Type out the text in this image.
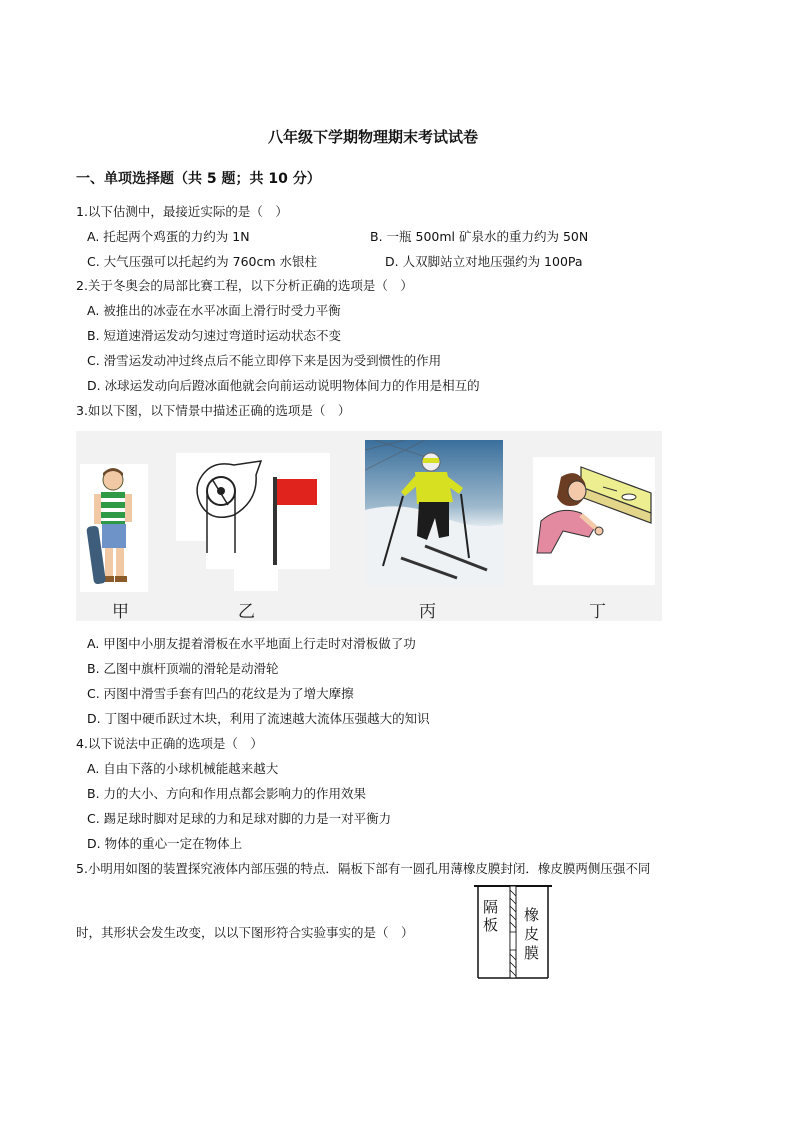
八年级下学期物理期末考试试卷
一、单项选择题（共 5 题；共 10 分）
1.以下估测中，最接近实际的是（　）
A. 托起两个鸡蛋的力约为 1N	B. 一瓶 500ml 矿泉水的重力约为 50N
C. 大气压强可以托起约为 760cm 水银柱	D. 人双脚站立对地压强约为 100Pa
2.关于冬奥会的局部比赛工程，以下分析正确的选项是（　）
A. 被推出的冰壶在水平冰面上滑行时受力平衡
B. 短道速滑运发动匀速过弯道时运动状态不变
C. 滑雪运发动冲过终点后不能立即停下来是因为受到惯性的作用
D. 冰球运发动向后蹬冰面他就会向前运动说明物体间力的作用是相互的
3.如以下图，以下情景中描述正确的选项是（　）
甲	乙	丙	丁
A. 甲图中小朋友提着滑板在水平地面上行走时对滑板做了功
B. 乙图中旗杆顶端的滑轮是动滑轮
C. 丙图中滑雪手套有凹凸的花纹是为了增大摩擦
D. 丁图中硬币跃过木块，利用了流速越大流体压强越大的知识
4.以下说法中正确的选项是（　）
A. 自由下落的小球机械能越来越大
B. 力的大小、方向和作用点都会影响力的作用效果
C. 踢足球时脚对足球的力和足球对脚的力是一对平衡力
D. 物体的重心一定在物体上
5.小明用如图的装置探究液体内部压强的特点．隔板下部有一圆孔用薄橡皮膜封闭．橡皮膜两侧压强不同
时，其形状会发生改变，以以下图形符合实验事实的是（　）
隔板
橡皮膜
